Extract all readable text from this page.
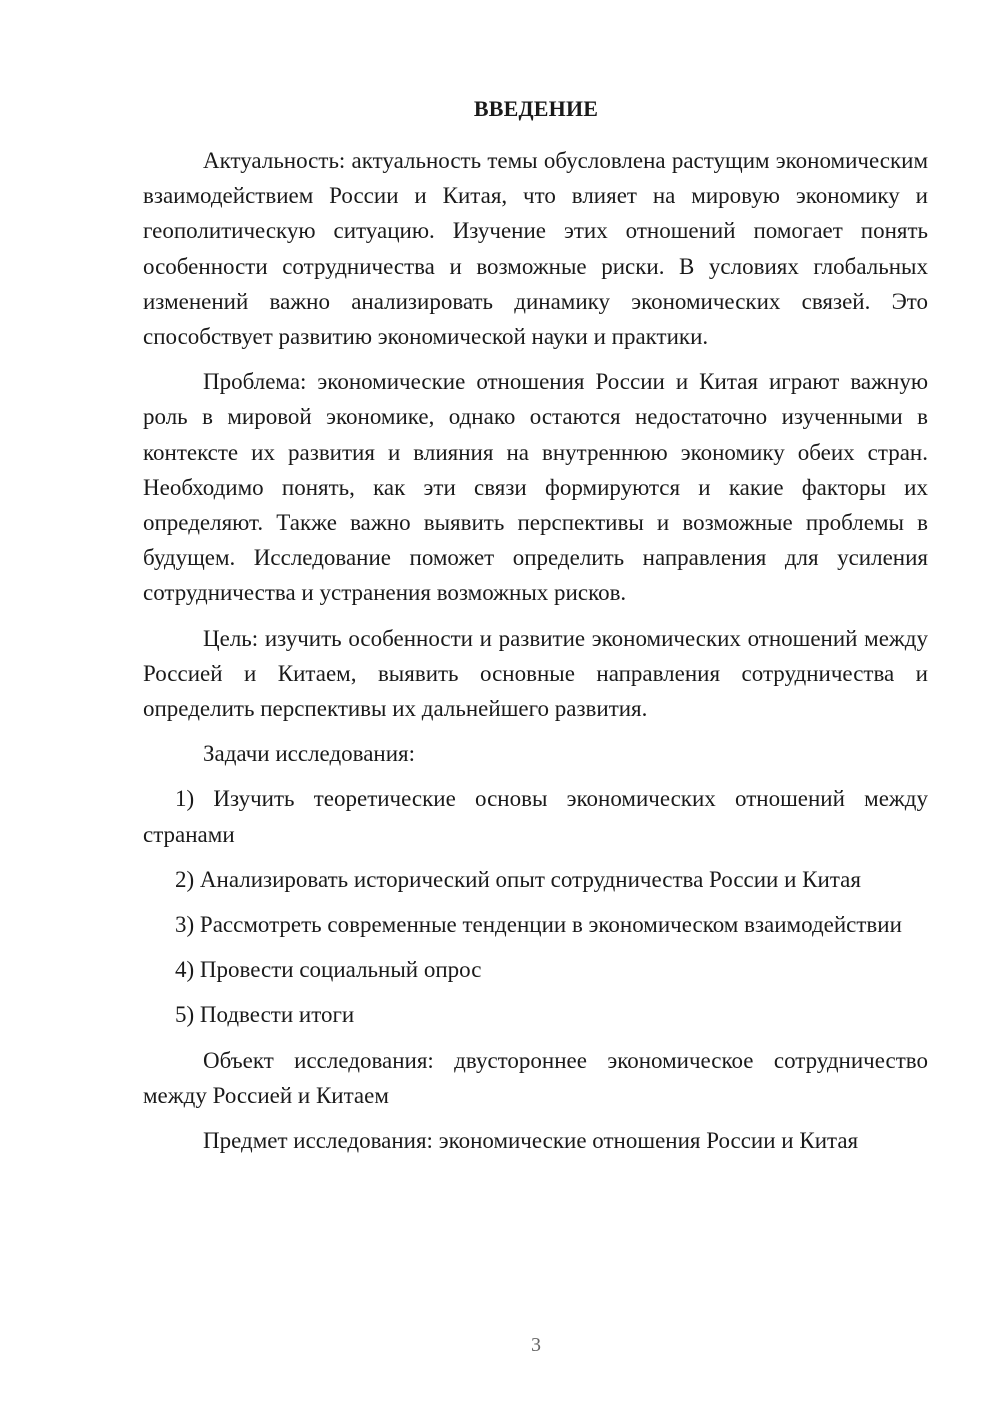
ВВЕДЕНИЕ

Актуальность: актуальность темы обусловлена растущим экономическим взаимодействием России и Китая, что влияет на мировую экономику и геополитическую ситуацию. Изучение этих отношений помогает понять особенности сотрудничества и возможные риски. В условиях глобальных изменений важно анализировать динамику экономических связей. Это способствует развитию экономической науки и практики.

Проблема: экономические отношения России и Китая играют важную роль в мировой экономике, однако остаются недостаточно изученными в контексте их развития и влияния на внутреннюю экономику обеих стран. Необходимо понять, как эти связи формируются и какие факторы их определяют. Также важно выявить перспективы и возможные проблемы в будущем. Исследование поможет определить направления для усиления сотрудничества и устранения возможных рисков.

Цель: изучить особенности и развитие экономических отношений между Россией и Китаем, выявить основные направления сотрудничества и определить перспективы их дальнейшего развития.

Задачи исследования:

1) Изучить теоретические основы экономических отношений между странами

2) Анализировать исторический опыт сотрудничества России и Китая

3) Рассмотреть современные тенденции в экономическом взаимодействии

4) Провести социальный опрос

5) Подвести итоги

Объект исследования: двустороннее экономическое сотрудничество между Россией и Китаем

Предмет исследования: экономические отношения России и Китая

3
